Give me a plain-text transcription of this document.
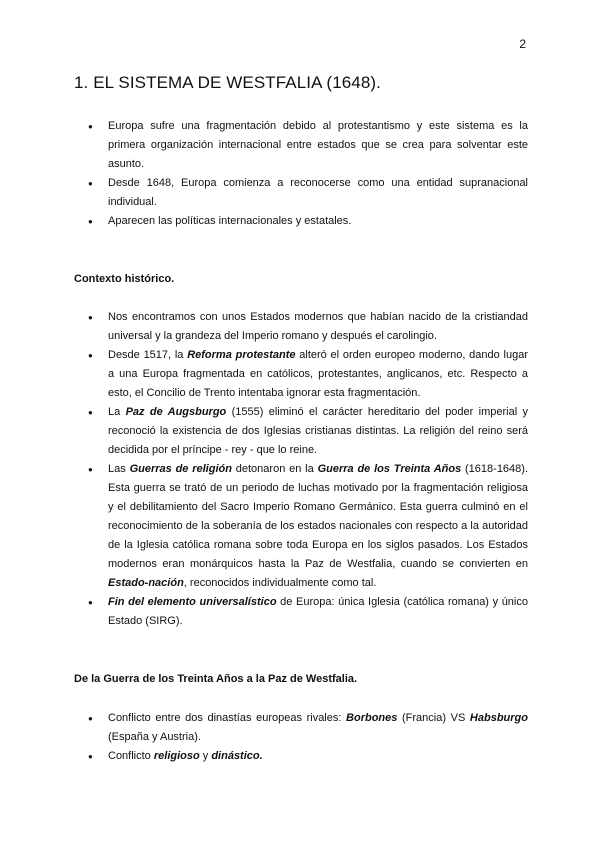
2
1. EL SISTEMA DE WESTFALIA (1648).
● Europa sufre una fragmentación debido al protestantismo y este sistema es la primera organización internacional entre estados que se crea para solventar este asunto.
● Desde 1648, Europa comienza a reconocerse como una entidad supranacional individual.
● Aparecen las políticas internacionales y estatales.
Contexto histórico.
● Nos encontramos con unos Estados modernos que habían nacido de la cristiandad universal y la grandeza del Imperio romano y después el carolingio.
● Desde 1517, la Reforma protestante alteró el orden europeo moderno, dando lugar a una Europa fragmentada en católicos, protestantes, anglicanos, etc. Respecto a esto, el Concilio de Trento intentaba ignorar esta fragmentación.
● La Paz de Augsburgo (1555) eliminó el carácter hereditario del poder imperial y reconoció la existencia de dos Iglesias cristianas distintas. La religión del reino será decidida por el príncipe - rey - que lo reine.
● Las Guerras de religión detonaron en la Guerra de los Treinta Años (1618-1648). Esta guerra se trató de un periodo de luchas motivado por la fragmentación religiosa y el debilitamiento del Sacro Imperio Romano Germánico. Esta guerra culminó en el reconocimiento de la soberanía de los estados nacionales con respecto a la autoridad de la Iglesia católica romana sobre toda Europa en los siglos pasados. Los Estados modernos eran monárquicos hasta la Paz de Westfalia, cuando se convierten en Estado-nación, reconocidos individualmente como tal.
● Fin del elemento universalístico de Europa: única Iglesia (católica romana) y único Estado (SIRG).
De la Guerra de los Treinta Años a la Paz de Westfalia.
● Conflicto entre dos dinastías europeas rivales: Borbones (Francia) VS Habsburgo (España y Austria).
● Conflicto religioso y dinástico.
